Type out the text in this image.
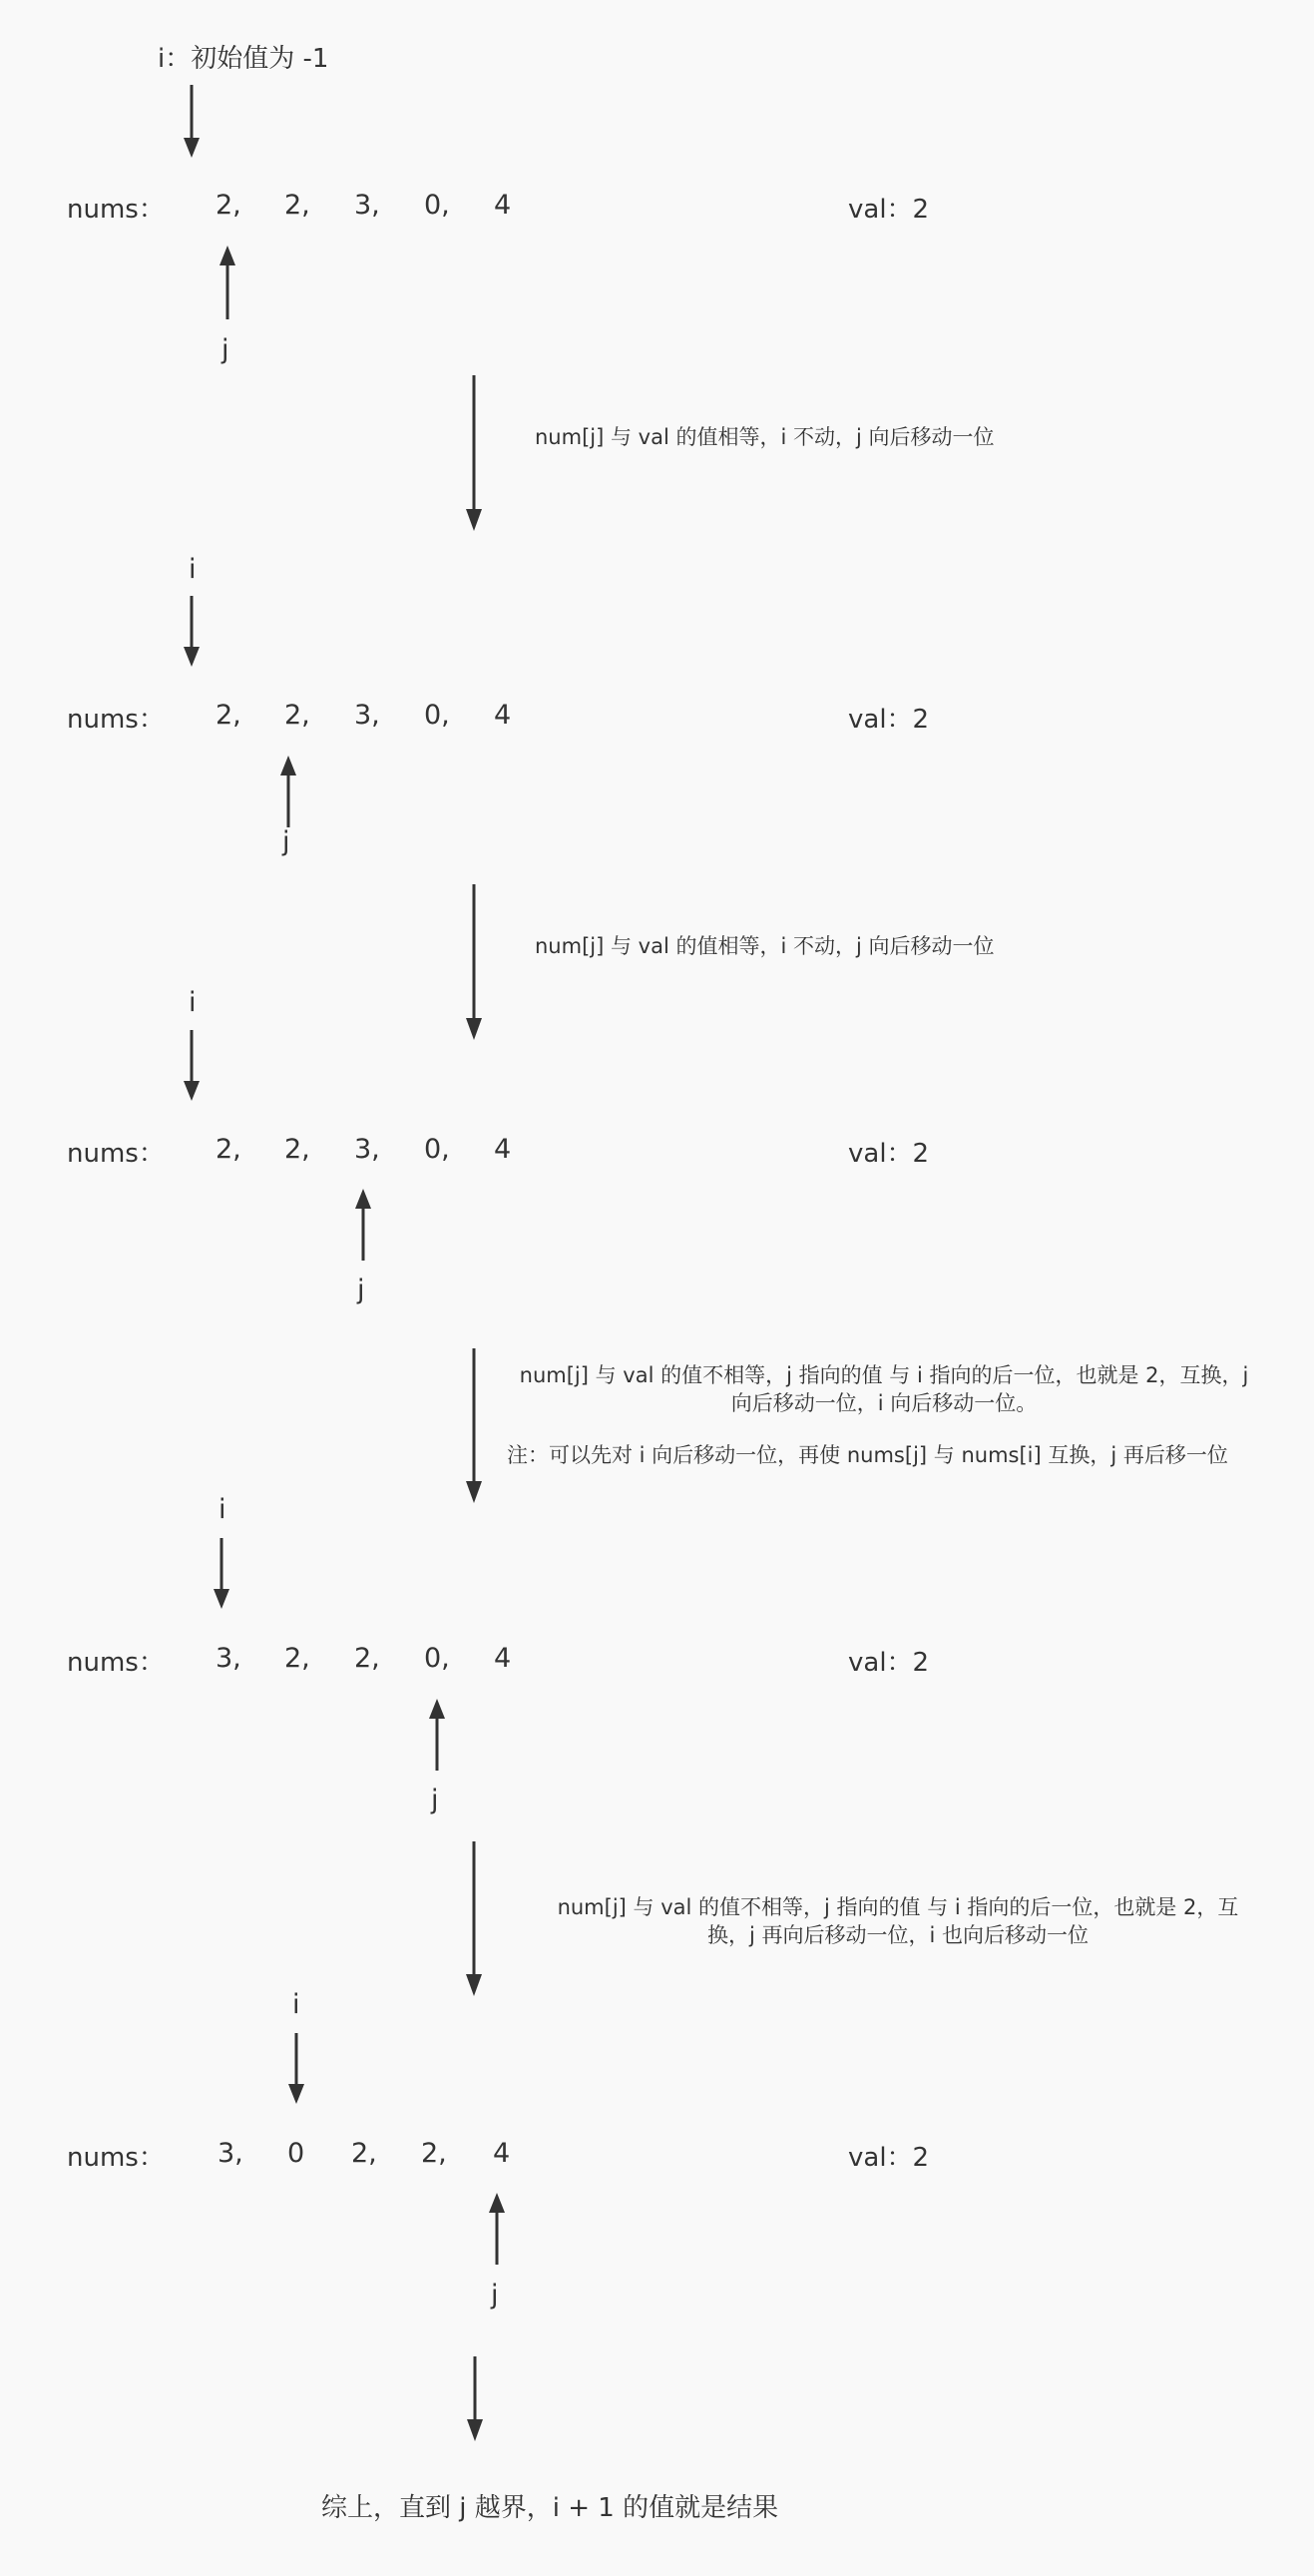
i：初始值为 -1
nums： 2, 2, 3, 0, 4	val：2
j
num[j] 与 val 的值相等，i 不动，j 向后移动一位
i
nums： 2, 2, 3, 0, 4	val：2
j
num[j] 与 val 的值相等，i 不动，j 向后移动一位
i
nums： 2, 2, 3, 0, 4	val：2
j
num[j] 与 val 的值不相等，j 指向的值 与 i 指向的后一位，也就是 2，互换，j
向后移动一位，i 向后移动一位。
注：可以先对 i 向后移动一位，再使 nums[j] 与 nums[i] 互换，j 再后移一位
i
nums： 3, 2, 2, 0, 4	val：2
j
num[j] 与 val 的值不相等，j 指向的值 与 i 指向的后一位，也就是 2，互
换，j 再向后移动一位，i 也向后移动一位
i
nums： 3, 0 2, 2, 4	val：2
j
综上，直到 j 越界，i + 1 的值就是结果
